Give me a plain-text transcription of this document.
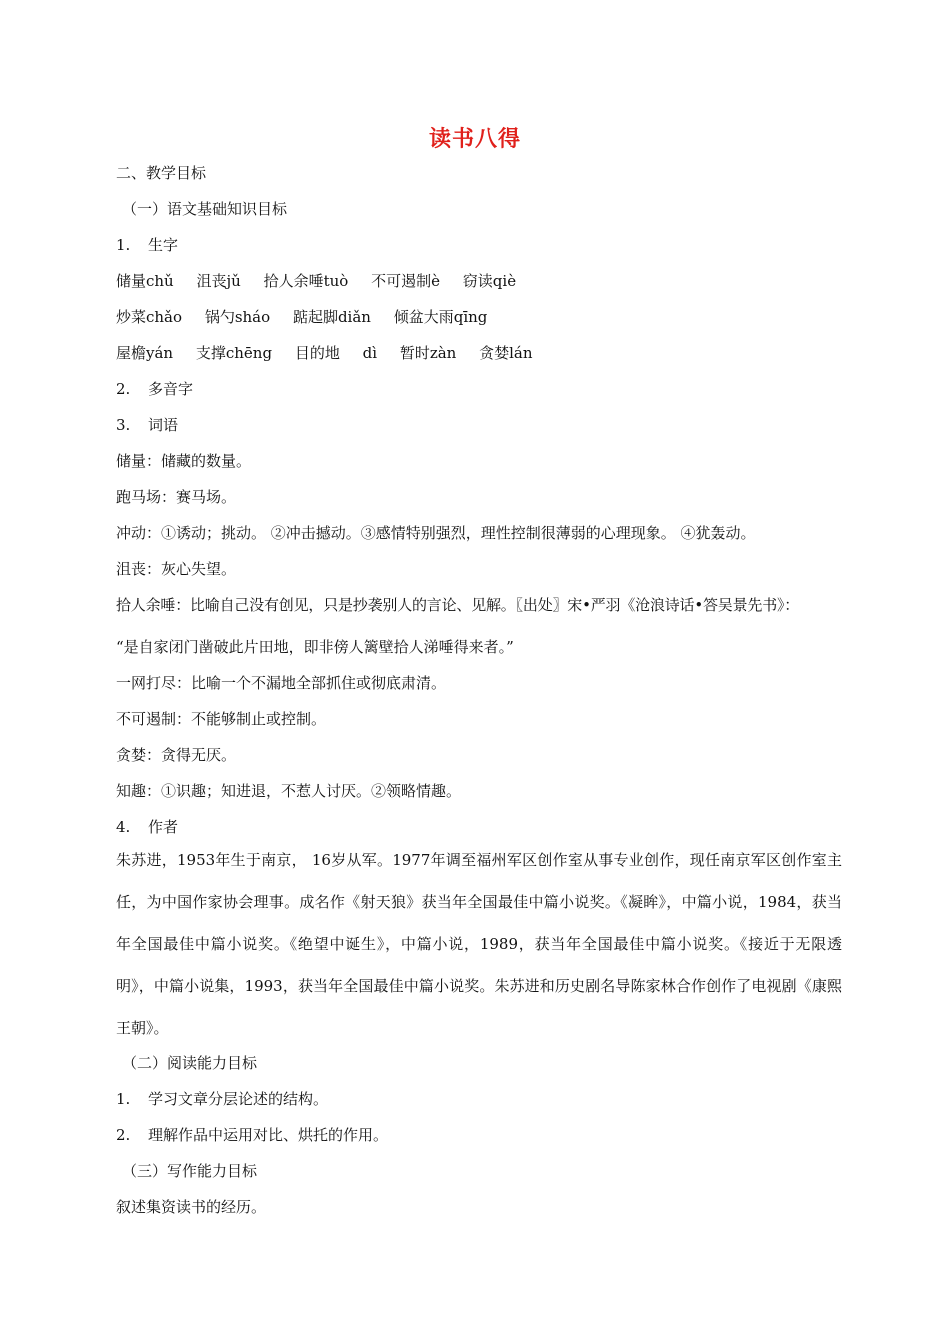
读书八得
二、教学目标
（一）语文基础知识目标
1. 生字
储量chǔ 沮丧jǔ 拾人余唾tuò 不可遏制è 窃读qiè
炒菜chǎo 锅勺sháo 踮起脚diǎn 倾盆大雨qīng
屋檐yán 支撑chēng 目的地 dì 暂时zàn 贪婪lán
2. 多音字
3. 词语
储量：储藏的数量。
跑马场：赛马场。
冲动：①诱动；挑动。 ②冲击撼动。③感情特别强烈，理性控制很薄弱的心理现象。 ④犹轰动。
沮丧：灰心失望。
拾人余唾：比喻自己没有创见，只是抄袭别人的言论、见解。〖出处〗宋•严羽《沧浪诗话•答吴景先书》：
“是自家闭门凿破此片田地，即非傍人篱壁拾人涕唾得来者。”
一网打尽：比喻一个不漏地全部抓住或彻底肃清。
不可遏制：不能够制止或控制。
贪婪：贪得无厌。
知趣：①识趣；知进退，不惹人讨厌。②领略情趣。
4. 作者
朱苏进，1953年生于南京， 16岁从军。1977年调至福州军区创作室从事专业创作，现任南京军区创作室主任，为中国作家协会理事。成名作《射天狼》获当年全国最佳中篇小说奖。《凝眸》，中篇小说，1984，获当年全国最佳中篇小说奖。《绝望中诞生》，中篇小说，1989，获当年全国最佳中篇小说奖。《接近于无限透明》，中篇小说集，1993，获当年全国最佳中篇小说奖。朱苏进和历史剧名导陈家林合作创作了电视剧《康熙王朝》。
（二）阅读能力目标
1. 学习文章分层论述的结构。
2. 理解作品中运用对比、烘托的作用。
（三）写作能力目标
叙述集资读书的经历。
